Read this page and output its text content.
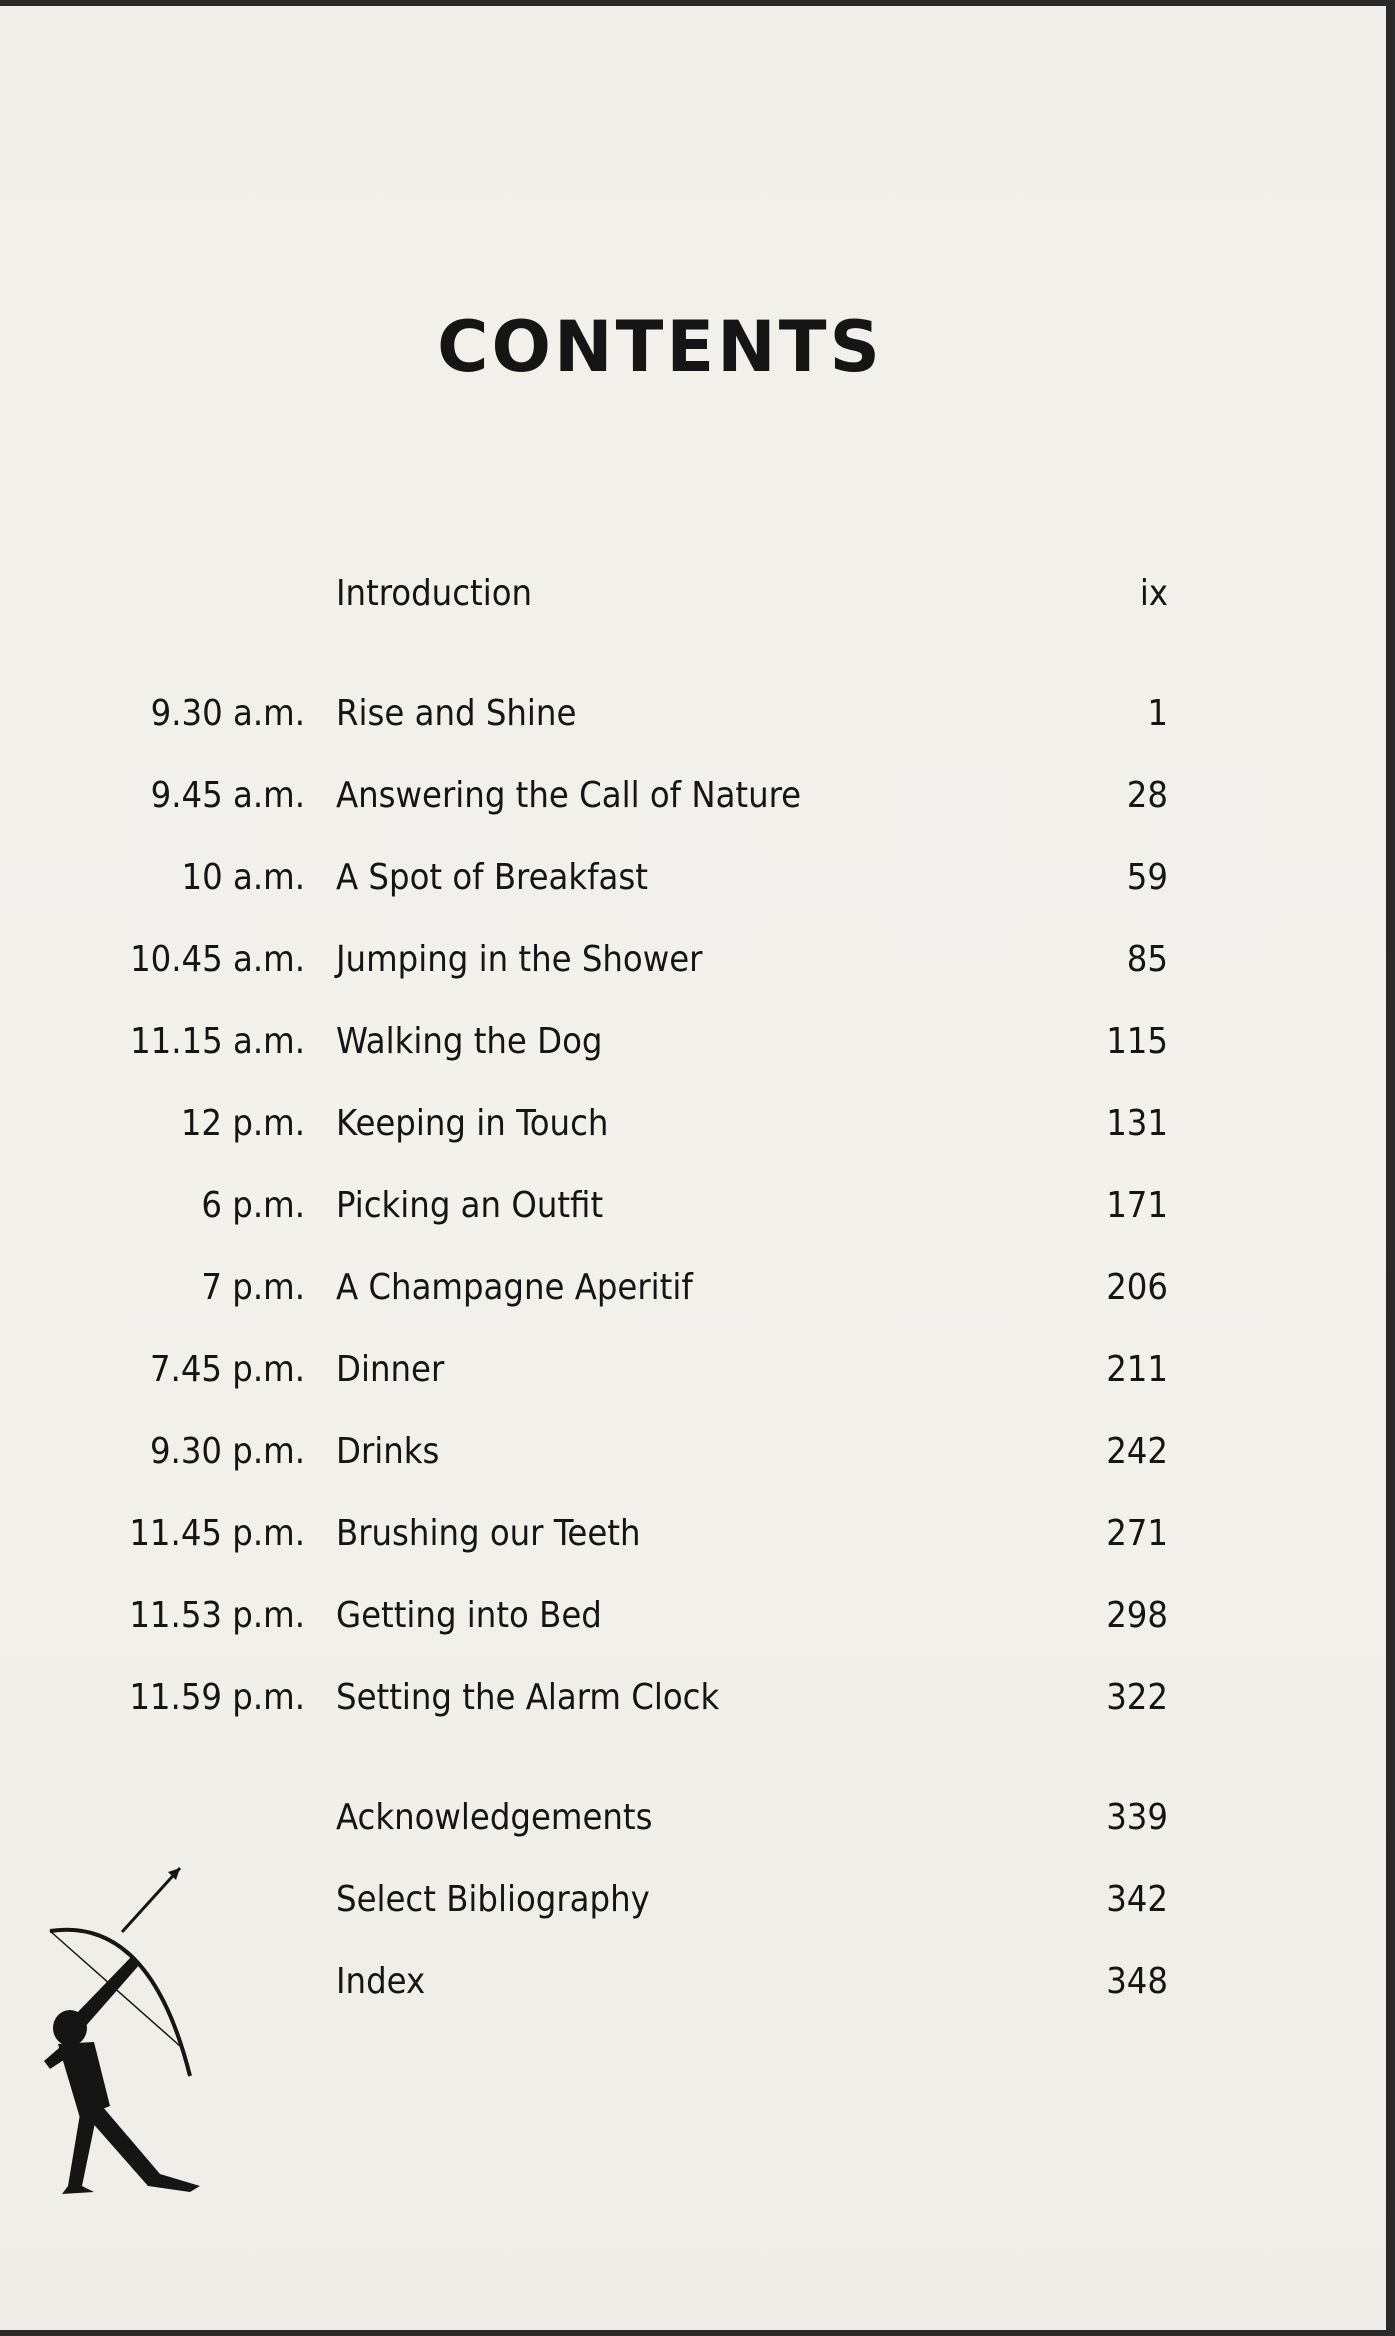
CONTENTS
Introduction	ix
9.30 a.m. Rise and Shine	1
9.45 a.m. Answering the Call of Nature	28
10 a.m. A Spot of Breakfast	59
10.45 a.m. Jumping in the Shower	85
11.15 a.m. Walking the Dog	115
12 p.m. Keeping in Touch	131
6 p.m. Picking an Outfit	171
7 p.m. A Champagne Aperitif	206
7.45 p.m. Dinner	211
9.30 p.m. Drinks	242
11.45 p.m. Brushing our Teeth	271
11.53 p.m. Getting into Bed	298
11.59 p.m. Setting the Alarm Clock	322
Acknowledgements	339
Select Bibliography	342
Index	348
